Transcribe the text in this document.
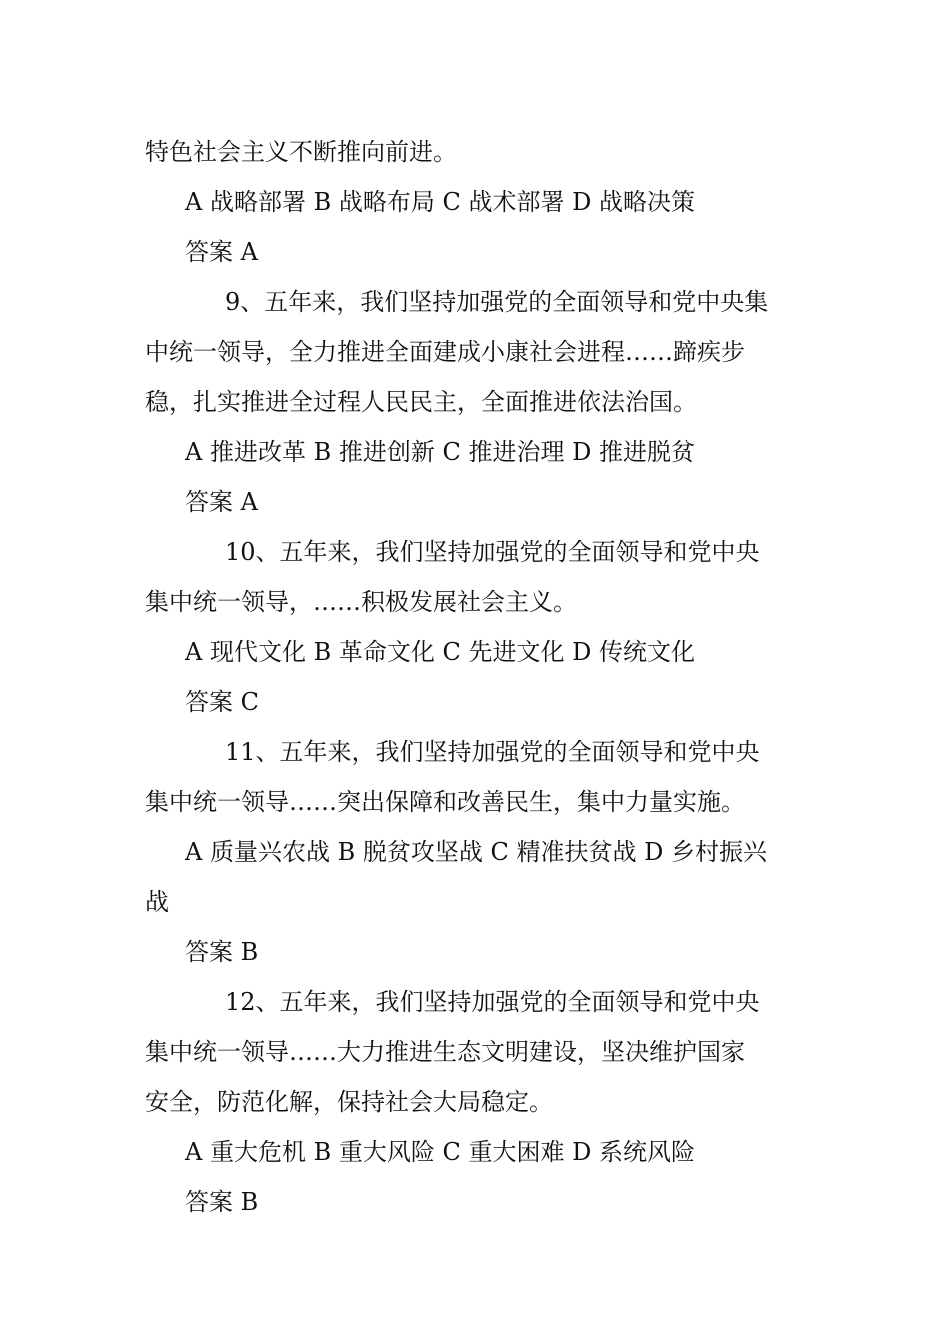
特色社会主义不断推向前进。
A 战略部署 B 战略布局 C 战术部署 D 战略决策
答案 A
9、五年来，我们坚持加强党的全面领导和党中央集
中统一领导，全力推进全面建成小康社会进程……蹄疾步
稳，扎实推进全过程人民民主，全面推进依法治国。
A 推进改革 B 推进创新 C 推进治理 D 推进脱贫
答案 A
10、五年来，我们坚持加强党的全面领导和党中央
集中统一领导，……积极发展社会主义。
A 现代文化 B 革命文化 C 先进文化 D 传统文化
答案 C
11、五年来，我们坚持加强党的全面领导和党中央
集中统一领导……突出保障和改善民生，集中力量实施。
A 质量兴农战 B 脱贫攻坚战 C 精准扶贫战 D 乡村振兴
战
答案 B
12、五年来，我们坚持加强党的全面领导和党中央
集中统一领导……大力推进生态文明建设，坚决维护国家
安全，防范化解，保持社会大局稳定。
A 重大危机 B 重大风险 C 重大困难 D 系统风险
答案 B
